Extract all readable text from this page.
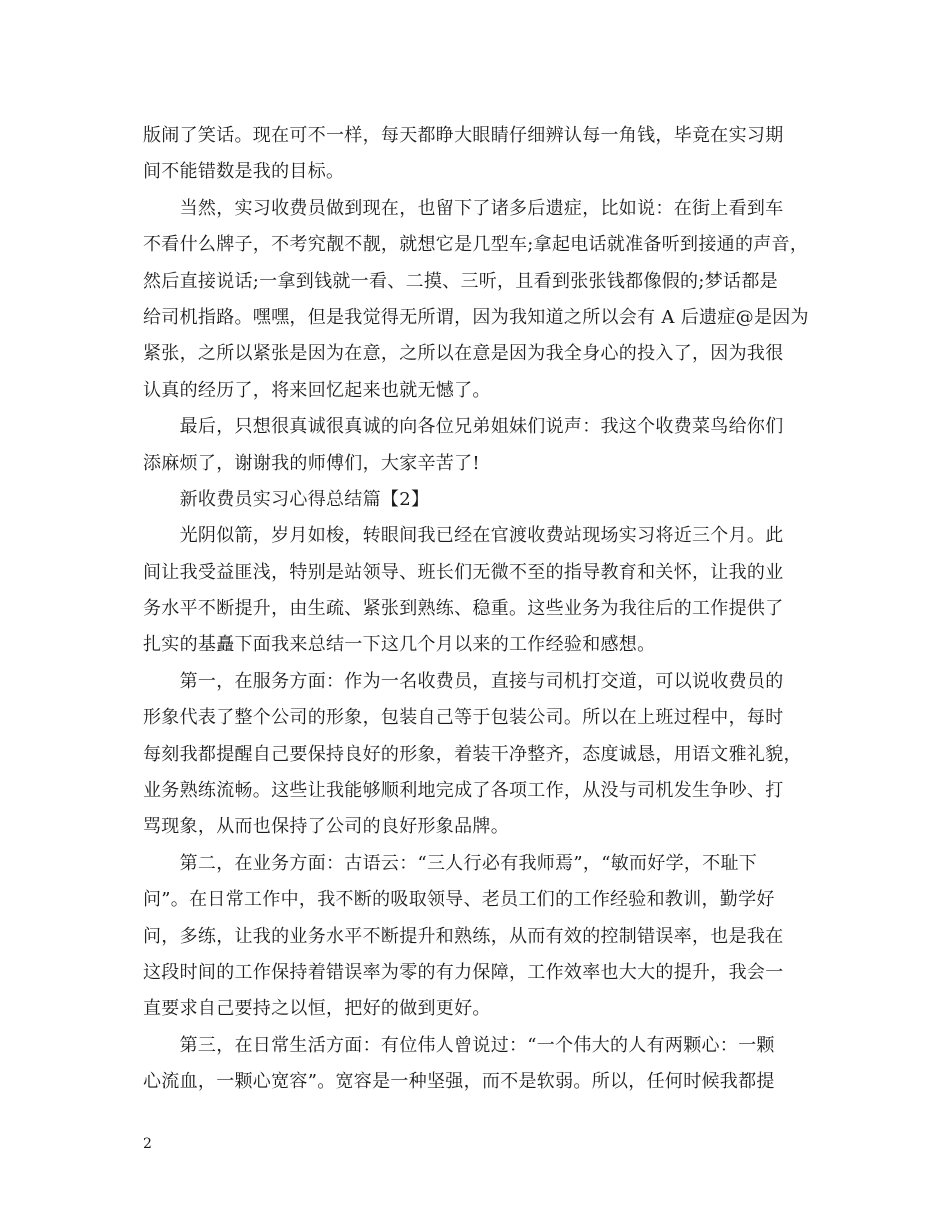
版闹了笑话。现在可不一样，每天都睁大眼睛仔细辨认每一角钱，毕竟在实习期
间不能错数是我的目标。
　　当然，实习收费员做到现在，也留下了诸多后遗症，比如说：在街上看到车
不看什么牌子，不考究靓不靓，就想它是几型车;拿起电话就准备听到接通的声音，
然后直接说话;一拿到钱就一看、二摸、三听，且看到张张钱都像假的;梦话都是
给司机指路。嘿嘿，但是我觉得无所谓，因为我知道之所以会有 A 后遗症@是因为
紧张，之所以紧张是因为在意，之所以在意是因为我全身心的投入了，因为我很
认真的经历了，将来回忆起来也就无憾了。
　　最后，只想很真诚很真诚的向各位兄弟姐妹们说声：我这个收费菜鸟给你们
添麻烦了，谢谢我的师傅们，大家辛苦了!
　　新收费员实习心得总结篇【2】
　　光阴似箭，岁月如梭，转眼间我已经在官渡收费站现场实习将近三个月。此
间让我受益匪浅，特别是站领导、班长们无微不至的指导教育和关怀，让我的业
务水平不断提升，由生疏、紧张到熟练、稳重。这些业务为我往后的工作提供了
扎实的基矗下面我来总结一下这几个月以来的工作经验和感想。
　　第一，在服务方面：作为一名收费员，直接与司机打交道，可以说收费员的
形象代表了整个公司的形象，包装自己等于包装公司。所以在上班过程中，每时
每刻我都提醒自己要保持良好的形象，着装干净整齐，态度诚恳，用语文雅礼貌，
业务熟练流畅。这些让我能够顺利地完成了各项工作，从没与司机发生争吵、打
骂现象，从而也保持了公司的良好形象品牌。
　　第二，在业务方面：古语云：“三人行必有我师焉”，“敏而好学，不耻下
问”。在日常工作中，我不断的吸取领导、老员工们的工作经验和教训，勤学好
问，多练，让我的业务水平不断提升和熟练，从而有效的控制错误率，也是我在
这段时间的工作保持着错误率为零的有力保障，工作效率也大大的提升，我会一
直要求自己要持之以恒，把好的做到更好。
　　第三，在日常生活方面：有位伟人曾说过：“一个伟大的人有两颗心：一颗
心流血，一颗心宽容”。宽容是一种坚强，而不是软弱。所以，任何时候我都提
2
